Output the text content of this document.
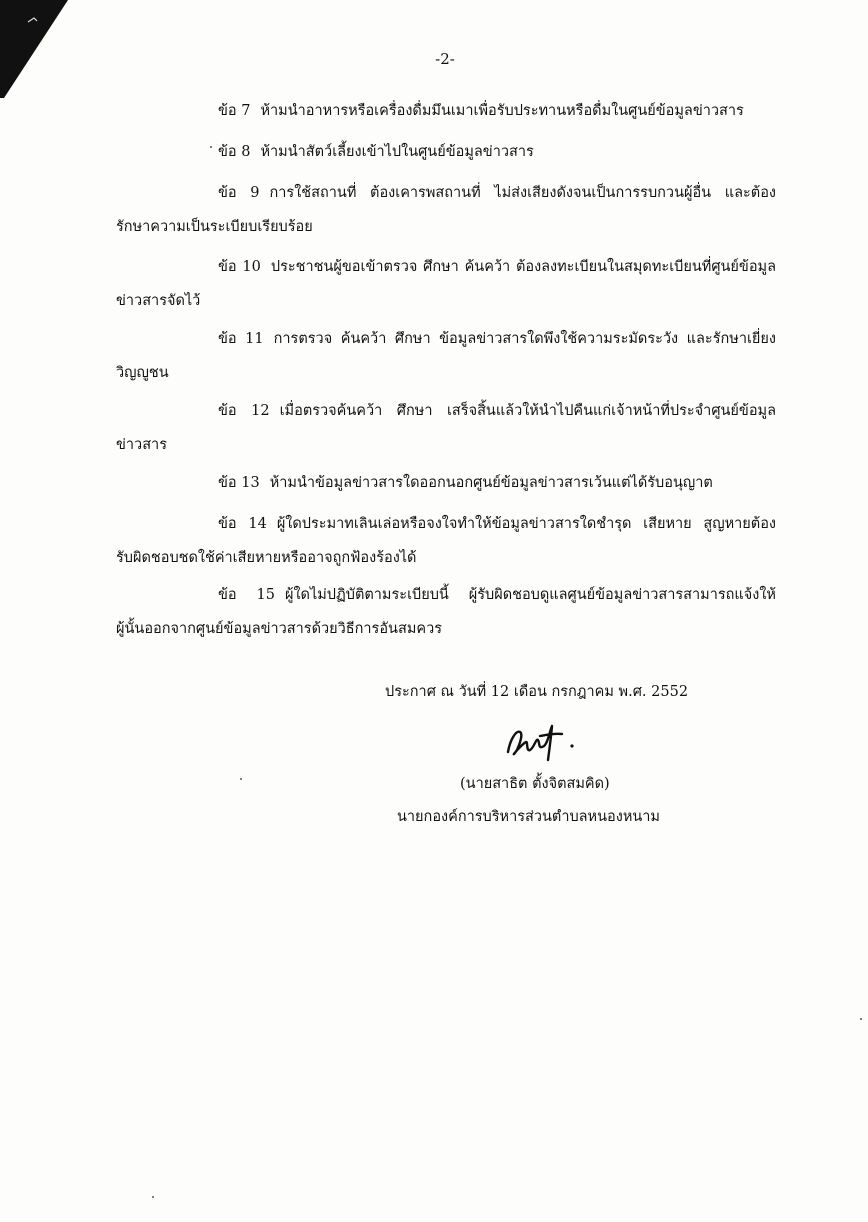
-2-
ข้อ 7 ห้ามนำอาหารหรือเครื่องดื่มมึนเมาเพื่อรับประทานหรือดื่มในศูนย์ข้อมูลข่าวสาร
ข้อ 8 ห้ามนำสัตว์เลี้ยงเข้าไปในศูนย์ข้อมูลข่าวสาร
ข้อ 9 การใช้สถานที่ ต้องเคารพสถานที่ ไม่ส่งเสียงดังจนเป็นการรบกวนผู้อื่น และต้อง
รักษาความเป็นระเบียบเรียบร้อย
ข้อ 10 ประชาชนผู้ขอเข้าตรวจ ศึกษา ค้นคว้า ต้องลงทะเบียนในสมุดทะเบียนที่ศูนย์ข้อมูล
ข่าวสารจัดไว้
ข้อ 11 การตรวจ ค้นคว้า ศึกษา ข้อมูลข่าวสารใดพึงใช้ความระมัดระวัง และรักษาเยี่ยง
วิญญูชน
ข้อ 12 เมื่อตรวจค้นคว้า ศึกษา เสร็จสิ้นแล้วให้นำไปคืนแก่เจ้าหน้าที่ประจำศูนย์ข้อมูล
ข่าวสาร
ข้อ 13 ห้ามนำข้อมูลข่าวสารใดออกนอกศูนย์ข้อมูลข่าวสารเว้นแต่ได้รับอนุญาต
ข้อ 14 ผู้ใดประมาทเลินเล่อหรือจงใจทำให้ข้อมูลข่าวสารใดชำรุด เสียหาย สูญหายต้อง
รับผิดชอบชดใช้ค่าเสียหายหรืออาจถูกฟ้องร้องได้
ข้อ 15 ผู้ใดไม่ปฏิบัติตามระเบียบนี้ ผู้รับผิดชอบดูแลศูนย์ข้อมูลข่าวสารสามารถแจ้งให้
ผู้นั้นออกจากศูนย์ข้อมูลข่าวสารด้วยวิธีการอันสมควร
ประกาศ ณ วันที่ 12 เดือน กรกฎาคม พ.ศ. 2552
(นายสาธิต ตั้งจิตสมคิด)
นายกองค์การบริหารส่วนตำบลหนองหนาม
